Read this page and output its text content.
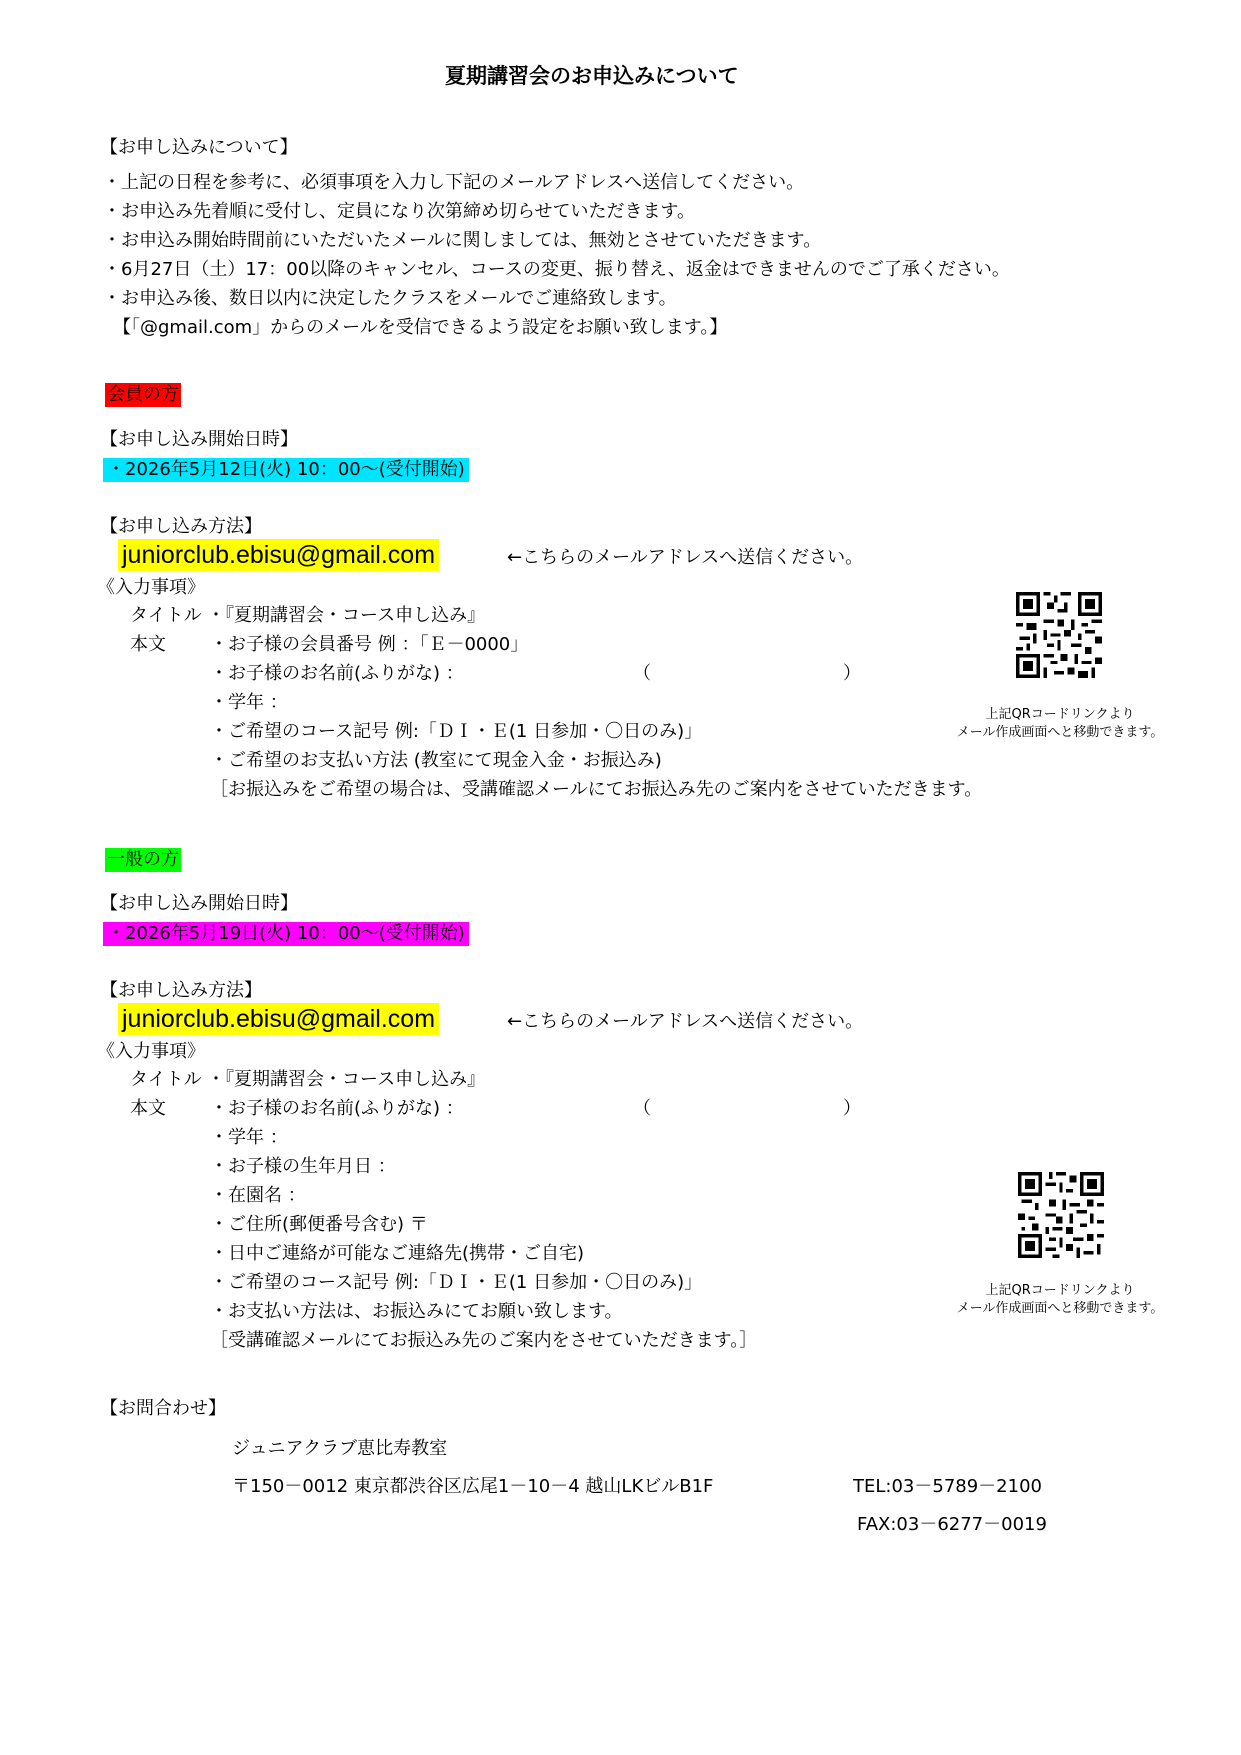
夏期講習会のお申込みについて
【お申し込みについて】
・上記の日程を参考に、必須事項を入力し下記のメールアドレスへ送信してください。
・お申込み先着順に受付し、定員になり次第締め切らせていただきます。
・お申込み開始時間前にいただいたメールに関しましては、無効とさせていただきます。
・6月27日（土）17：00以降のキャンセル、コースの変更、振り替え、返金はできませんのでご了承ください。
・お申込み後、数日以内に決定したクラスをメールでご連絡致します。
【「@gmail.com」からのメールを受信できるよう設定をお願い致します。】
会員の方
【お申し込み開始日時】
・2026年5月12日(火) 10：00～(受付開始)
【お申し込み方法】
juniorclub.ebisu@gmail.com	←こちらのメールアドレスへ送信ください。
《入力事項》
タイトル ・『夏期講習会・コース申し込み』
本文 ・お子様の会員番号 例 ：「Ｅ－0000」
・お子様のお名前(ふりがな) ：	（	）
・学年 ：
・ご希望のコース記号 例:「ＤＩ・Ｅ(1 日参加・〇日のみ)」
・ご希望のお支払い方法 (教室にて現金入金・お振込み)
［お振込みをご希望の場合は、受講確認メールにてお振込み先のご案内をさせていただきます。
上記QRコードリンクより
メール作成画面へと移動できます。
一般の方
【お申し込み開始日時】
・2026年5月19日(火) 10：00～(受付開始)
【お申し込み方法】
juniorclub.ebisu@gmail.com	←こちらのメールアドレスへ送信ください。
《入力事項》
タイトル ・『夏期講習会・コース申し込み』
本文 ・お子様のお名前(ふりがな) ：	（	）
・学年 ：
・お子様の生年月日 ：
・在園名 ：
・ご住所(郵便番号含む) 〒
・日中ご連絡が可能なご連絡先(携帯・ご自宅)
・ご希望のコース記号 例:「ＤＩ・Ｅ(1 日参加・〇日のみ)」
・お支払い方法は、お振込みにてお願い致します。
［受講確認メールにてお振込み先のご案内をさせていただきます。］
上記QRコードリンクより
メール作成画面へと移動できます。
【お問合わせ】
ジュニアクラブ恵比寿教室
〒150－0012 東京都渋谷区広尾1－10－4 越山LKビルB1F	TEL:03－5789－2100
FAX:03－6277－0019
